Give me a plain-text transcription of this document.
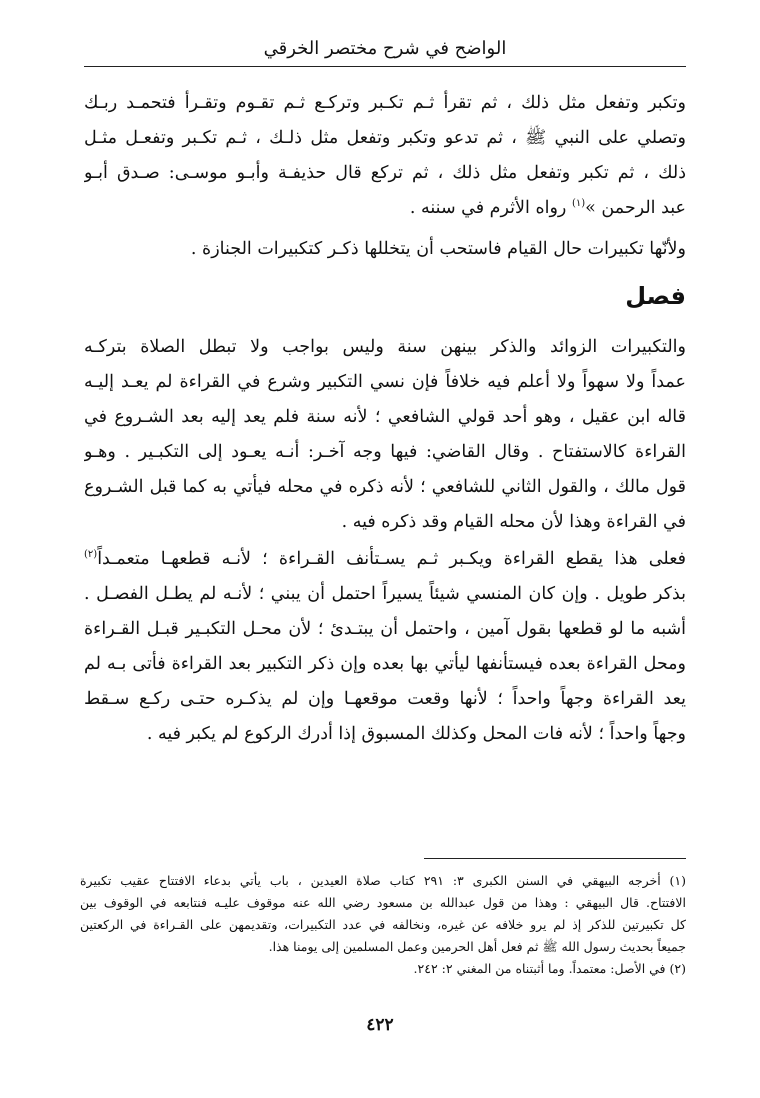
الواضح في شرح مختصر الخرقي
وتكبر وتفعل مثل ذلك ، ثم تقرأ ثـم تكـبر وتركـع ثـم تقـوم وتقـرأ فتحمـد ربـك
وتصلي على النبي ﷺ ، ثم تدعو وتكبر وتفعل مثل ذلـك ، ثـم تكـبر وتفعـل مثـل
ذلك ، ثم تكبر وتفعل مثل ذلك ، ثم تركع قال حذيفـة وأبـو موسـى: صـدق أبـو
عبد الرحمن »$^{(١)}$ رواه الأثرم في سننه .
ولأنّها تكبيرات حال القيام فاستحب أن يتخللها ذكـر كتكبيرات الجنازة .
فصل
والتكبيرات الزوائد والذكر بينهن سنة وليس بواجب ولا تبطل الصلاة بتركـه
عمداً ولا سهواً ولا أعلم فيه خلافاً فإن نسي التكبير وشرع في القراءة لم يعـد إليـه
قاله ابن عقيل ، وهو أحد قولي الشافعي ؛ لأنه سنة فلم يعد إليه بعد الشـروع في
القراءة كالاستفتاح . وقال القاضي: فيها وجه آخـر: أنـه يعـود إلى التكبـير . وهـو
قول مالك ، والقول الثاني للشافعي ؛ لأنه ذكره في محله فيأتي به كما قبل الشـروع
في القراءة وهذا لأن محله القيام وقد ذكره فيه .
فعلى هذا يقطع القراءة ويكـبر ثـم يسـتأنف القـراءة ؛ لأنـه قطعهـا متعمـداً$^{(٢)}$
بذكر طويل . وإن كان المنسي شيئاً يسيراً احتمل أن يبني ؛ لأنـه لم يطـل الفصـل .
أشبه ما لو قطعها بقول آمين ، واحتمل أن يبتـدئ ؛ لأن محـل التكبـير قبـل القـراءة
ومحل القراءة بعده فيستأنفها ليأتي بها بعده وإن ذكر التكبير بعد القراءة فأتى بـه لم
يعد القراءة وجهاً واحداً ؛ لأنها وقعت موقعهـا وإن لم يذكـره حتـى ركـع سـقط
وجهاً واحداً ؛ لأنه فات المحل وكذلك المسبوق إذا أدرك الركوع لم يكبر فيه .
(١) أخرجه البيهقي في السنن الكبرى ٣: ٢٩١ كتاب صلاة العيدين ، باب يأتي بدعاء الافتتاح عقيب تكبيرة
الافتتاح. قال البيهقي : وهذا من قول عبدالله بن مسعود رضي الله عنه موقوف عليـه فنتابعه في الوقوف بين
كل تكبيرتين للذكر إذ لم يرو خلافه عن غيره، ونخالفه في عدد التكبيرات، وتقديمهن على القـراءة في الركعتين
جميعاً بحديث رسول الله ﷺ ثم فعل أهل الحرمين وعمل المسلمين إلى يومنا هذا.
(٢) في الأصل: معتمداً. وما أثبتناه من المغني ٢: ٢٤٢.
٤٢٢
